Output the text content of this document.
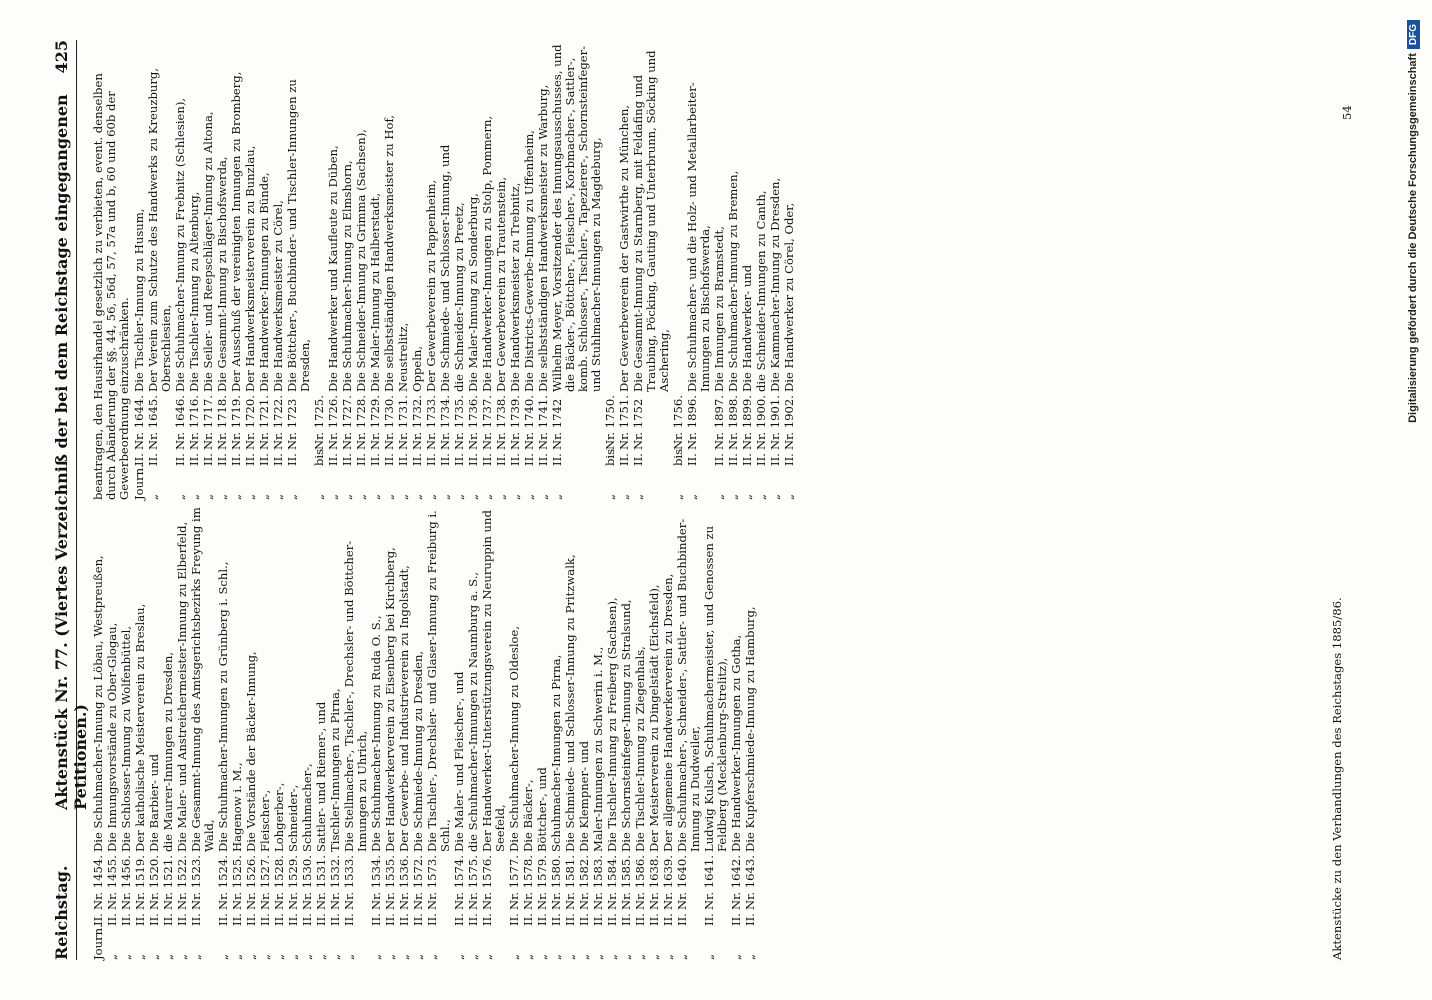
Reichstag.
Aktenstück Nr. 77. (Viertes Verzeichniß der bei dem Reichstage eingegangenen Petitionen.)
425
Journ.
II.
Nr. 1454.
Die Schuhmacher-Innung zu Löbau, Westpreußen,
„
II.
Nr. 1455.
Die Innungsvorstände zu Ober-Glogau,
„
II.
Nr. 1456.
Die Schlosser-Innung zu Wolfenbüttel,
„
II.
Nr. 1519.
Der katholische Meisterverein zu Breslau,
„
II.
Nr. 1520.
Die Barbier- und
„
II.
Nr. 1521.
die Maurer-Innungen zu Dresden,
„
II.
Nr. 1522.
Die Maler- und Anstreichermeister-Innung zu Elberfeld,
„
II.
Nr. 1523.
Die Gesammt-Innung des Amtsgerichtsbezirks Freyung im Wald,
„
II.
Nr. 1524.
Die Schuhmacher-Innungen zu Grünberg i. Schl.,
„
II.
Nr. 1525.
Hagenow i. M.,
„
II.
Nr. 1526.
Die Vorstände der Bäcker-Innung,
„
II.
Nr. 1527.
Fleischer-,
„
II.
Nr. 1528.
Lohgerber-,
„
II.
Nr. 1529.
Schneider-,
„
II.
Nr. 1530.
Schuhmacher-,
„
II.
Nr. 1531.
Sattler- und Riemer-, und
„
II.
Nr. 1532.
Tischler-Innungen zu Pirna,
„
II.
Nr. 1533.
Die Stellmacher-, Tischler-, Drechsler- und Böttcher-Innungen zu Uhrich,
„
II.
Nr. 1534.
Die Schuhmacher-Innung zu Ruda O. S.,
„
II.
Nr. 1535.
Der Handwerkerverein zu Eisenberg bei Kirchberg,
„
II.
Nr. 1536.
Der Gewerbe- und Industrieverein zu Ingolstadt,
„
II.
Nr. 1572.
Die Schmiede-Innung zu Dresden,
„
II.
Nr. 1573.
Die Tischler-, Drechsler- und Glaser-Innung zu Freiburg i. Schl.,
„
II.
Nr. 1574.
Die Maler- und Fleischer-, und
„
II.
Nr. 1575.
die Schuhmacher-Innungen zu Naumburg a. S.,
„
II.
Nr. 1576.
Der Handwerker-Unterstützungsverein zu Neuruppin und Seefeld,
„
II.
Nr. 1577.
Die Schuhmacher-Innung zu Oldesloe,
„
II.
Nr. 1578.
Die Bäcker-,
„
II.
Nr. 1579.
Böttcher-, und
„
II.
Nr. 1580.
Schuhmacher-Innungen zu Pirna,
„
II.
Nr. 1581.
Die Schmiede- und Schlosser-Innung zu Pritzwalk,
„
II.
Nr. 1582.
Die Klempner- und
„
II.
Nr. 1583.
Maler-Innungen zu Schwerin i. M.,
„
II.
Nr. 1584.
Die Tischler-Innung zu Freiberg (Sachsen),
„
II.
Nr. 1585.
Die Schornsteinfeger-Innung zu Stralsund,
„
II.
Nr. 1586.
Die Tischler-Innung zu Ziegenhals,
„
II.
Nr. 1638.
Der Meisterverein zu Dingelstädt (Eichsfeld),
„
II.
Nr. 1639.
Der allgemeine Handwerkerverein zu Dresden,
„
II.
Nr. 1640.
Die Schuhmacher-, Schneider-, Sattler- und Buchbinder-Innung zu Dudweiler,
„
II.
Nr. 1641.
Ludwig Kulsch, Schuhmachermeister, und Genossen zu Feldberg (Mecklenburg-Strelitz),
„
II.
Nr. 1642.
Die Handwerker-Innungen zu Gotha,
„
II.
Nr. 1643.
Die Kupferschmiede-Innung zu Hamburg,
beantragen, den Hausirhandel gesetzlich zu verbieten, event. denselben durch Abänderung der §§. 44, 56, 56d, 57, 57a und b, 60 und 60b der Gewerbeordnung einzuschränken. Journ.
II.
Nr. 1644.
Die Tischler-Innung zu Husum,
„
II.
Nr. 1645.
Der Verein zum Schutze des Handwerks zu Kreuzburg, Oberschlesien,
„
II.
Nr. 1646.
Die Schuhmacher-Innung zu Frebnitz (Schlesien),
„
II.
Nr. 1716.
Die Tischler-Innung zu Altenburg,
„
II.
Nr. 1717.
Die Seiler- und Reepschläger-Innung zu Altona,
„
II.
Nr. 1718.
Die Gesammt-Innung zu Bischofswerda,
„
II.
Nr. 1719.
Der Ausschuß der vereinigten Innungen zu Bromberg,
„
II.
Nr. 1720.
Der Handwerksmeisterverein zu Bunzlau,
„
II.
Nr. 1721.
Die Handwerker-Innungen zu Bünde,
„
II.
Nr. 1722.
Die Handwerksmeister zu Cörel,
„
II.
Nr. 1723
Die Böttcher-, Buchbinder- und Tischler-Innungen zu Dresden,
„
bis
Nr. 1725.
„
II.
Nr. 1726.
Die Handwerker und Kaufleute zu Düben,
„
II.
Nr. 1727.
Die Schuhmacher-Innung zu Elmshorn,
„
II.
Nr. 1728.
Die Schneider-Innung zu Grimma (Sachsen),
„
II.
Nr. 1729.
Die Maler-Innung zu Halberstadt,
„
II.
Nr. 1730.
Die selbstständigen Handwerksmeister zu Hof,
„
II.
Nr. 1731.
Neustrelitz,
„
II.
Nr. 1732.
Oppeln,
„
II.
Nr. 1733.
Der Gewerbeverein zu Pappenheim,
„
II.
Nr. 1734.
Die Schmiede- und Schlosser-Innung, und
„
II.
Nr. 1735.
die Schneider-Innung zu Preetz,
„
II.
Nr. 1736.
Die Maler-Innung zu Sonderburg,
„
II.
Nr. 1737.
Die Handwerker-Innungen zu Stolp, Pommern,
„
II.
Nr. 1738.
Der Gewerbeverein zu Trautenstein,
„
II.
Nr. 1739.
Die Handwerksmeister zu Trebnitz,
„
II.
Nr. 1740.
Die Districts-Gewerbe-Innung zu Uffenheim,
„
II.
Nr. 1741.
Die selbstständigen Handwerksmeister zu Warburg,
„
II.
Nr. 1742
Wilhelm Meyer, Vorsitzender des Innungsausschusses, und die Bäcker-, Böttcher-, Fleischer-, Korbmacher-, Sattler-, komb. Schlosser-, Tischler-, Tapezierer-, Schornsteinfeger- und Stuhlmacher-Innungen zu Magdeburg,
„
bis
Nr. 1750.
„
II.
Nr. 1751.
Der Gewerbeverein der Gastwirthe zu München,
„
II.
Nr. 1752
Die Gesammt-Innung zu Starnberg, mit Feldafing und Traubing, Pöcking, Gauting und Unterbrunn, Söcking und Aschering,
„
bis
Nr. 1756.
„
II.
Nr. 1896.
Die Schuhmacher- und die Holz- und Metallarbeiter-Innungen zu Bischofswerda,
„
II.
Nr. 1897.
Die Innungen zu Bramstedt,
„
II.
Nr. 1898.
Die Schuhmacher-Innung zu Bremen,
„
II.
Nr. 1899.
Die Handwerker- und
„
II.
Nr. 1900.
die Schneider-Innungen zu Canth,
„
II.
Nr. 1901.
Die Kammacher-Innung zu Dresden,
„
II.
Nr. 1902.
Die Handwerker zu Cörel, Oder,
Aktenstücke zu den Verhandlungen des Reichstages 1885/86.
54	Digitalisierung gefördert durch die Deutsche Forschungsgemeinschaft
DFG
